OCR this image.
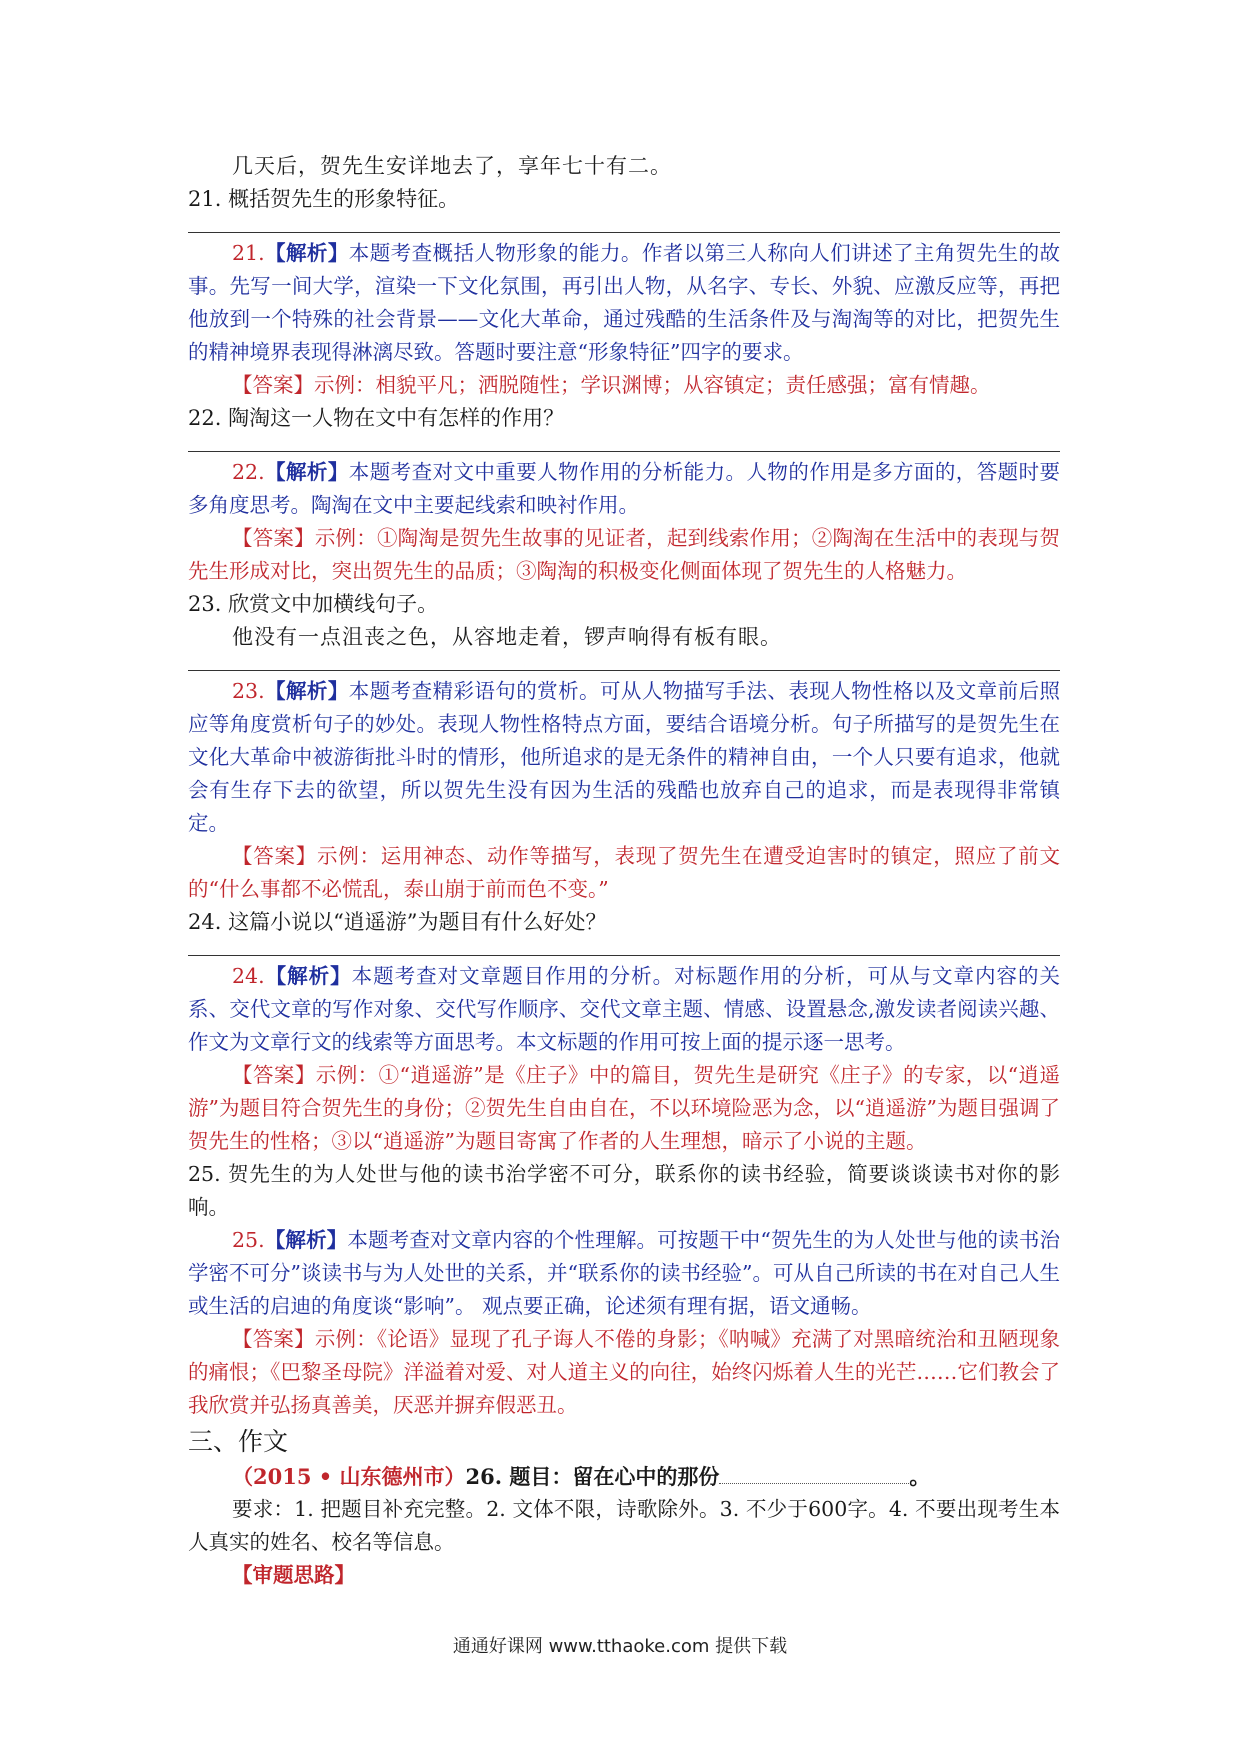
几天后，贺先生安详地去了，享年七十有二。
21. 概括贺先生的形象特征。
21.【解析】本题考查概括人物形象的能力。作者以第三人称向人们讲述了主角贺先生的故事。先写一间大学，渲染一下文化氛围，再引出人物，从名字、专长、外貌、应激反应等，再把他放到一个特殊的社会背景——文化大革命，通过残酷的生活条件及与淘淘等的对比，把贺先生的精神境界表现得淋漓尽致。答题时要注意“形象特征”四字的要求。
【答案】示例：相貌平凡；洒脱随性；学识渊博；从容镇定；责任感强；富有情趣。
22. 陶淘这一人物在文中有怎样的作用？
22.【解析】本题考查对文中重要人物作用的分析能力。人物的作用是多方面的，答题时要多角度思考。陶淘在文中主要起线索和映衬作用。
【答案】示例：①陶淘是贺先生故事的见证者，起到线索作用；②陶淘在生活中的表现与贺先生形成对比，突出贺先生的品质；③陶淘的积极变化侧面体现了贺先生的人格魅力。
23. 欣赏文中加横线句子。
他没有一点沮丧之色，从容地走着，锣声响得有板有眼。
23.【解析】本题考查精彩语句的赏析。可从人物描写手法、表现人物性格以及文章前后照应等角度赏析句子的妙处。表现人物性格特点方面，要结合语境分析。句子所描写的是贺先生在文化大革命中被游街批斗时的情形，他所追求的是无条件的精神自由，一个人只要有追求，他就会有生存下去的欲望，所以贺先生没有因为生活的残酷也放弃自己的追求，而是表现得非常镇定。
【答案】示例：运用神态、动作等描写，表现了贺先生在遭受迫害时的镇定，照应了前文的“什么事都不必慌乱，泰山崩于前而色不变。”
24. 这篇小说以“逍遥游”为题目有什么好处？
24.【解析】本题考查对文章题目作用的分析。对标题作用的分析，可从与文章内容的关系、交代文章的写作对象、交代写作顺序、交代文章主题、情感、设置悬念,激发读者阅读兴趣、作文为文章行文的线索等方面思考。本文标题的作用可按上面的提示逐一思考。
【答案】示例：①“逍遥游”是《庄子》中的篇目，贺先生是研究《庄子》的专家，以“逍遥游”为题目符合贺先生的身份；②贺先生自由自在，不以环境险恶为念，以“逍遥游”为题目强调了贺先生的性格；③以“逍遥游”为题目寄寓了作者的人生理想，暗示了小说的主题。
25. 贺先生的为人处世与他的读书治学密不可分，联系你的读书经验，简要谈谈读书对你的影响。
25.【解析】本题考查对文章内容的个性理解。可按题干中“贺先生的为人处世与他的读书治学密不可分”谈读书与为人处世的关系，并“联系你的读书经验”。可从自己所读的书在对自己人生或生活的启迪的角度谈“影响”。 观点要正确，论述须有理有据，语文通畅。
【答案】示例：《论语》显现了孔子诲人不倦的身影；《呐喊》充满了对黑暗统治和丑陋现象的痛恨；《巴黎圣母院》洋溢着对爱、对人道主义的向往，始终闪烁着人生的光芒……它们教会了我欣赏并弘扬真善美，厌恶并摒弃假恶丑。
三、作文
（2015 • 山东德州市）26. 题目：留在心中的那份	。
要求：1. 把题目补充完整。2. 文体不限，诗歌除外。3. 不少于600字。4. 不要出现考生本人真实的姓名、校名等信息。
【审题思路】
通通好课网 www.tthaoke.com 提供下载
